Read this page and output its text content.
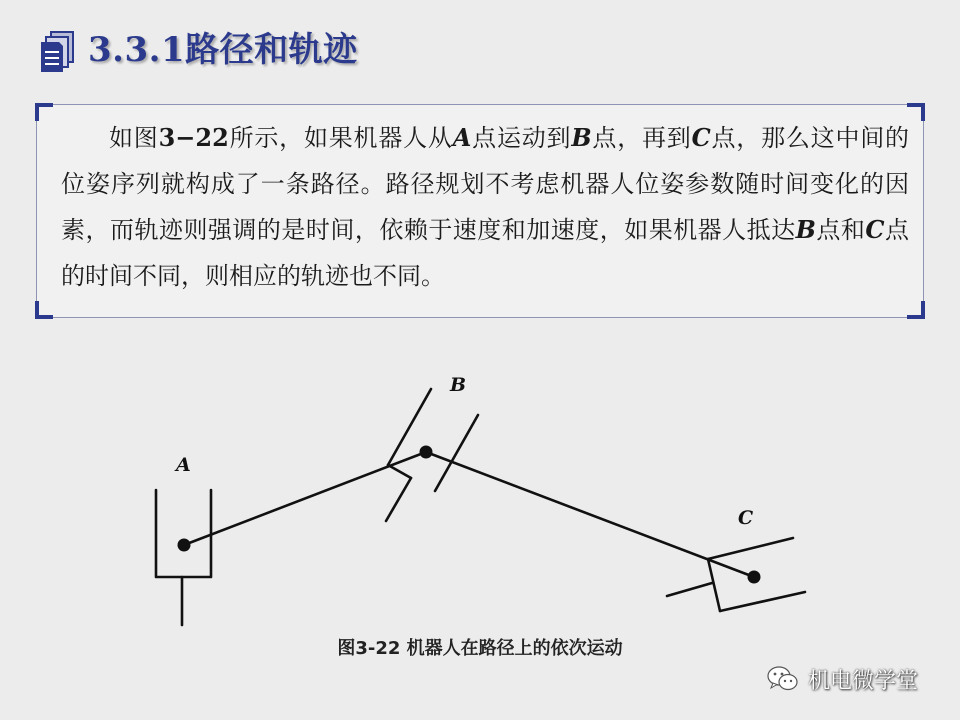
3.3.1路径和轨迹

如图3−22所示，如果机器人从A点运动到B点，再到C点，那么这中间的位姿序列就构成了一条路径。路径规划不考虑机器人位姿参数随时间变化的因素，而轨迹则强调的是时间，依赖于速度和加速度，如果机器人抵达B点和C点的时间不同，则相应的轨迹也不同。

A
B
C
图3-22 机器人在路径上的依次运动
机电微学堂
